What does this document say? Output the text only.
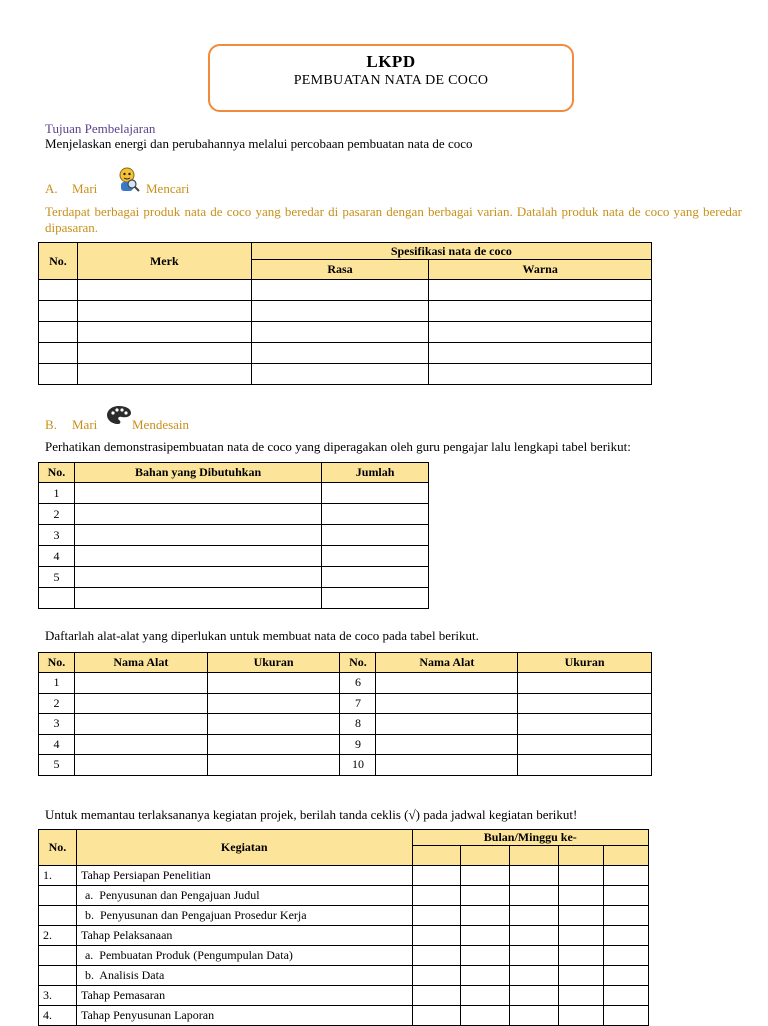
LKPD
PEMBUATAN NATA DE COCO
Tujuan Pembelajaran
Menjelaskan energi dan perubahannya melalui percobaan pembuatan nata de coco
A. Mari	Mencari
Terdapat berbagai produk nata de coco yang beredar di pasaran dengan berbagai varian. Datalah produk nata de coco yang beredar dipasaran.
No.	Merk	Spesifikasi nata de coco	
		Rasa	Warna

B. Mari	Mendesain
Perhatikan demonstrasipembuatan nata de coco yang diperagakan oleh guru pengajar lalu lengkapi tabel berikut:
No.	Bahan yang Dibutuhkan	Jumlah
1		
2		
3		
4		
5		

Daftarlah alat-alat yang diperlukan untuk membuat nata de coco pada tabel berikut.
No.	Nama Alat	Ukuran	No.	Nama Alat	Ukuran
1			6		
2			7		
3			8		
4			9		
5			10		
Untuk memantau terlaksananya kegiatan projek, berilah tanda ceklis (√) pada jadwal kegiatan berikut!
No.	Kegiatan	Bulan/Minggu ke-				

1.	Tahap Persiapan Penelitian					
	a.  Penyusunan dan Pengajuan Judul					
	b.  Penyusunan dan Pengajuan Prosedur Kerja					
2.	Tahap Pelaksanaan					
	a.  Pembuatan Produk (Pengumpulan Data)					
	b.  Analisis Data					
3.	Tahap Pemasaran					
4.	Tahap Penyusunan Laporan					
